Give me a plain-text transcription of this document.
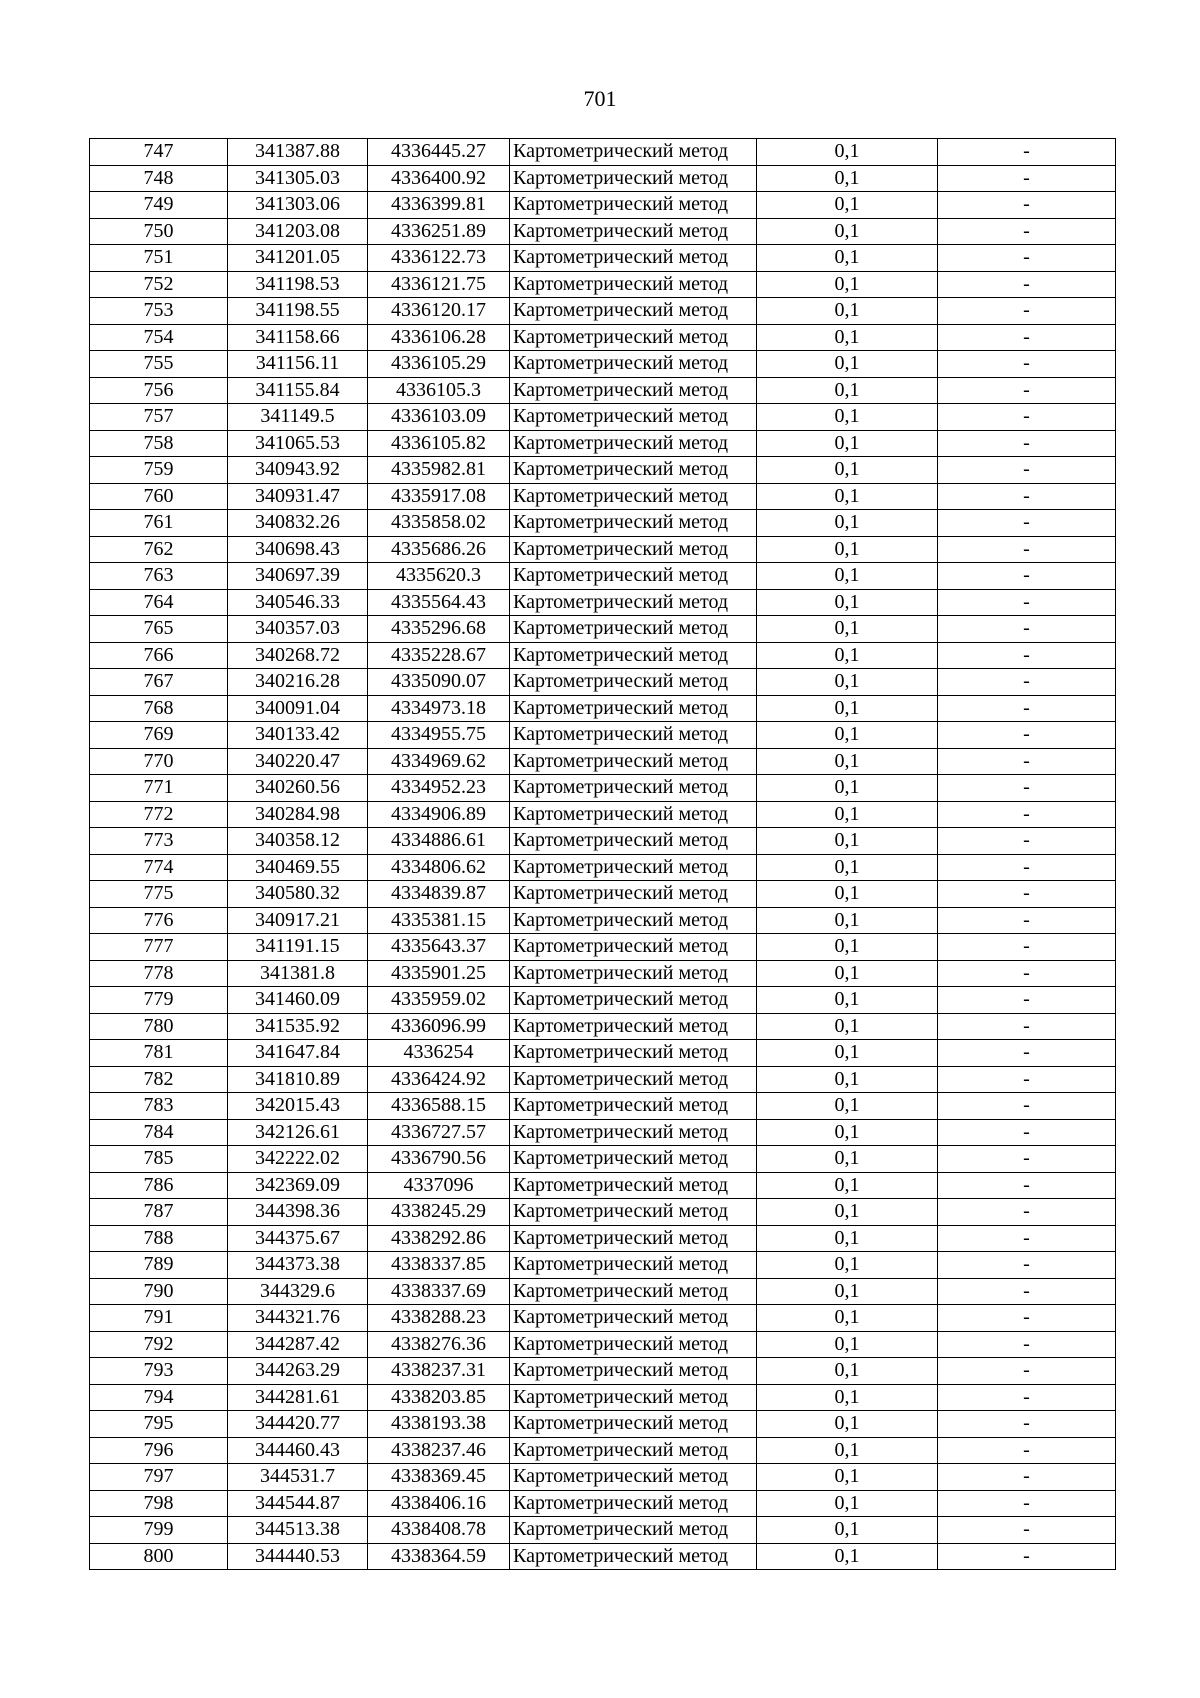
701
747	341387.88	4336445.27	Картометрический метод	0,1	-
748	341305.03	4336400.92	Картометрический метод	0,1	-
749	341303.06	4336399.81	Картометрический метод	0,1	-
750	341203.08	4336251.89	Картометрический метод	0,1	-
751	341201.05	4336122.73	Картометрический метод	0,1	-
752	341198.53	4336121.75	Картометрический метод	0,1	-
753	341198.55	4336120.17	Картометрический метод	0,1	-
754	341158.66	4336106.28	Картометрический метод	0,1	-
755	341156.11	4336105.29	Картометрический метод	0,1	-
756	341155.84	4336105.3	Картометрический метод	0,1	-
757	341149.5	4336103.09	Картометрический метод	0,1	-
758	341065.53	4336105.82	Картометрический метод	0,1	-
759	340943.92	4335982.81	Картометрический метод	0,1	-
760	340931.47	4335917.08	Картометрический метод	0,1	-
761	340832.26	4335858.02	Картометрический метод	0,1	-
762	340698.43	4335686.26	Картометрический метод	0,1	-
763	340697.39	4335620.3	Картометрический метод	0,1	-
764	340546.33	4335564.43	Картометрический метод	0,1	-
765	340357.03	4335296.68	Картометрический метод	0,1	-
766	340268.72	4335228.67	Картометрический метод	0,1	-
767	340216.28	4335090.07	Картометрический метод	0,1	-
768	340091.04	4334973.18	Картометрический метод	0,1	-
769	340133.42	4334955.75	Картометрический метод	0,1	-
770	340220.47	4334969.62	Картометрический метод	0,1	-
771	340260.56	4334952.23	Картометрический метод	0,1	-
772	340284.98	4334906.89	Картометрический метод	0,1	-
773	340358.12	4334886.61	Картометрический метод	0,1	-
774	340469.55	4334806.62	Картометрический метод	0,1	-
775	340580.32	4334839.87	Картометрический метод	0,1	-
776	340917.21	4335381.15	Картометрический метод	0,1	-
777	341191.15	4335643.37	Картометрический метод	0,1	-
778	341381.8	4335901.25	Картометрический метод	0,1	-
779	341460.09	4335959.02	Картометрический метод	0,1	-
780	341535.92	4336096.99	Картометрический метод	0,1	-
781	341647.84	4336254	Картометрический метод	0,1	-
782	341810.89	4336424.92	Картометрический метод	0,1	-
783	342015.43	4336588.15	Картометрический метод	0,1	-
784	342126.61	4336727.57	Картометрический метод	0,1	-
785	342222.02	4336790.56	Картометрический метод	0,1	-
786	342369.09	4337096	Картометрический метод	0,1	-
787	344398.36	4338245.29	Картометрический метод	0,1	-
788	344375.67	4338292.86	Картометрический метод	0,1	-
789	344373.38	4338337.85	Картометрический метод	0,1	-
790	344329.6	4338337.69	Картометрический метод	0,1	-
791	344321.76	4338288.23	Картометрический метод	0,1	-
792	344287.42	4338276.36	Картометрический метод	0,1	-
793	344263.29	4338237.31	Картометрический метод	0,1	-
794	344281.61	4338203.85	Картометрический метод	0,1	-
795	344420.77	4338193.38	Картометрический метод	0,1	-
796	344460.43	4338237.46	Картометрический метод	0,1	-
797	344531.7	4338369.45	Картометрический метод	0,1	-
798	344544.87	4338406.16	Картометрический метод	0,1	-
799	344513.38	4338408.78	Картометрический метод	0,1	-
800	344440.53	4338364.59	Картометрический метод	0,1	-
